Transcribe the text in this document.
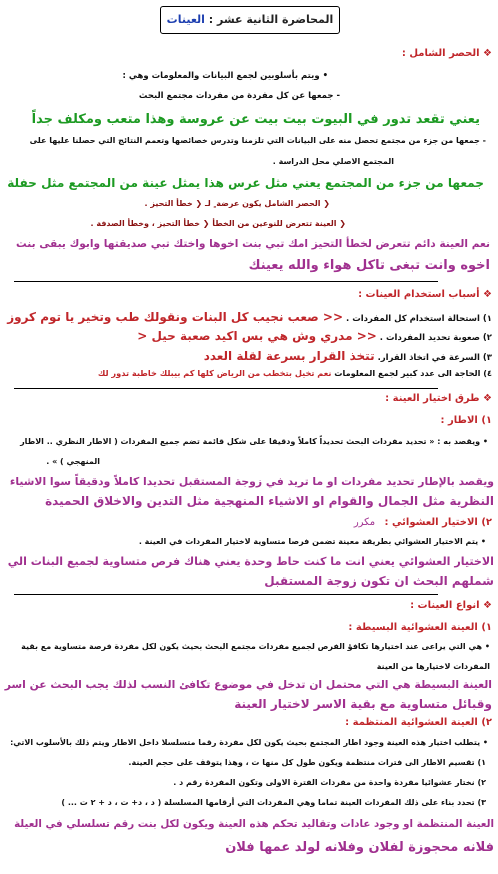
المحاضرة الثانية عشر : العينات
❖ الحصر الشامل :
• ويتم بأسلوبين لجمع البيانات والمعلومات وهي :
- جمعها عن كل مفردة من مفردات مجتمع البحث
يعني تقعد تدور في البيوت بيت بيت عن عروسة وهذا متعب ومكلف جداً
- جمعها من جزء من مجتمع تحصل منه على البيانات التي تلزمنا وتدرس خصائصها وتعمم النتائج التي حصلنا عليها على
المجتمع الاصلي محل الدراسة .
جمعها من جزء من المجتمع يعني مثل عرس هذا يمثل عينة من المجتمع مثل حفلة
❮ الحصر الشامل يكون عرضة ٍ لـ ❮ خطأ التحيز .
❮ العينة تتعرض للنوعين من الخطأ ❮ خطأ التحيز ، وخطأ الصدفة .
نعم العينة دائم تتعرض لخطأ التحيز امك تبي بنت اخوها واختك تبي صديقتها وابوك يبقى بنت
اخوه وانت تبغى تاكل هواء والله يعينك
❖ أسباب استخدام العينات :
١) استحالة استخدام كل المفردات . << صعب نجيب كل البنات ونقولك طب وتخير يا توم كروز
٢) صعوبة تحديد المفردات . << مدري وش هي بس اكيد صعبة حيل <
٣) السرعة في اتخاذ القرار. تتخذ القرار بسرعة لقلة العدد
٤) الحاجة الى عدد كبير لجمع المعلومات نعم تخيل بتخطب من الرياض كلها كم بيبلك خاطبة تدور لك
❖ طرق اختيار العينة :
١) الاطار :
• ويقصد به : « تحديد مفردات البحث تحديداً كاملاً ودقيقا على شكل قائمة تضم جميع المفردات ( الاطار النظري .. الاطار
المنهجي ) » .
ويقصد بالإطار تحديد مفردات او ما تريد في زوجة المستقبل تحديدا كاملاً ودقيقاً سوا الاشياء
النظرية مثل الجمال والقوام او الاشياء المنهجية مثل التدين والاخلاق الحميدة
٢) الاختيار العشوائي : مكرر
• يتم الاختيار العشوائي بطريقة معينة تضمن فرصا متساوية لاختيار المفردات في العينة .
الاختيار العشوائي يعني انت ما كنت حاط وحدة يعني هناك فرص متساوية لجميع البنات الي
شملهم البحث ان تكون زوجة المستقبل
❖ انواع العينات :
١) العينة العشوائية البسيطة :
• هي التي يراعى عند اختيارها تكافؤ الفرص لجميع مفردات مجتمع البحث بحيث يكون لكل مفردة فرصة متساوية مع بقية
المفردات لاختيارها من العينة
العينة البسيطة هي التي محتمل ان تدخل في موضوع تكافئ النسب لذلك يجب البحث عن اسر
وقبائل متساوية مع بقية الاسر لاختيار العينة
٢) العينة العشوائية المنتظمة :
• يتطلب اختيار هذه العينة وجود اطار المجتمع بحيث يكون لكل مفردة رقما متسلسلا داخل الاطار ويتم ذلك بالأسلوب الاتي:
١) تقسيم الاطار الى فترات منتظمة ويكون طول كل منها ت ، وهذا يتوقف على حجم العينة.
٢) نختار عشوائيا مفردة واحدة من مفردات الفترة الاولى وتكون المفردة رقم د .
٣) تحدد بناء على ذلك المفردات العينة تماما وهي المفردات التي أرقامها المسلسلة ( د ، د+ ت ، د + ٢ ت ... )
العينة المنتظمة او وجود عادات وتقاليد تحكم هذه العينة ويكون لكل بنت رقم تسلسلي في العيلة
فلانه محجوزة لفلان وفلانه لولد عمها فلان
